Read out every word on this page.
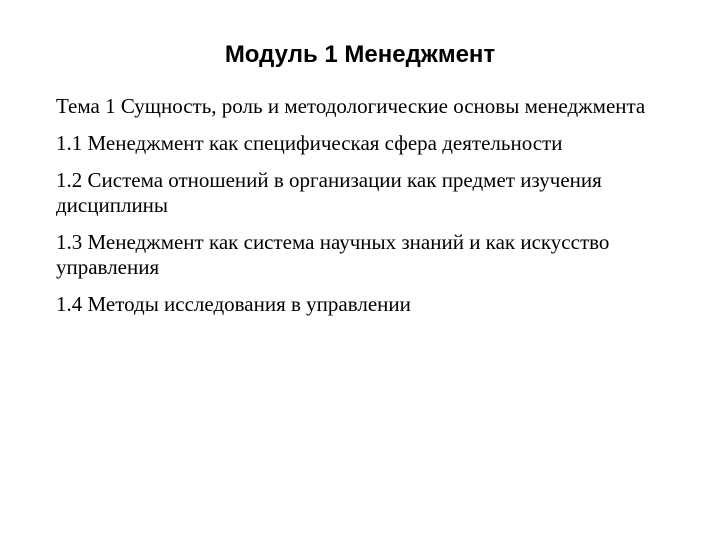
Модуль 1 Менеджмент

Тема 1 Сущность, роль и методологические основы менеджмента

1.1 Менеджмент как специфическая сфера деятельности

1.2 Система отношений в организации как предмет изучения дисциплины

1.3 Менеджмент как система научных знаний и как искусство управления

1.4 Методы исследования в управлении
